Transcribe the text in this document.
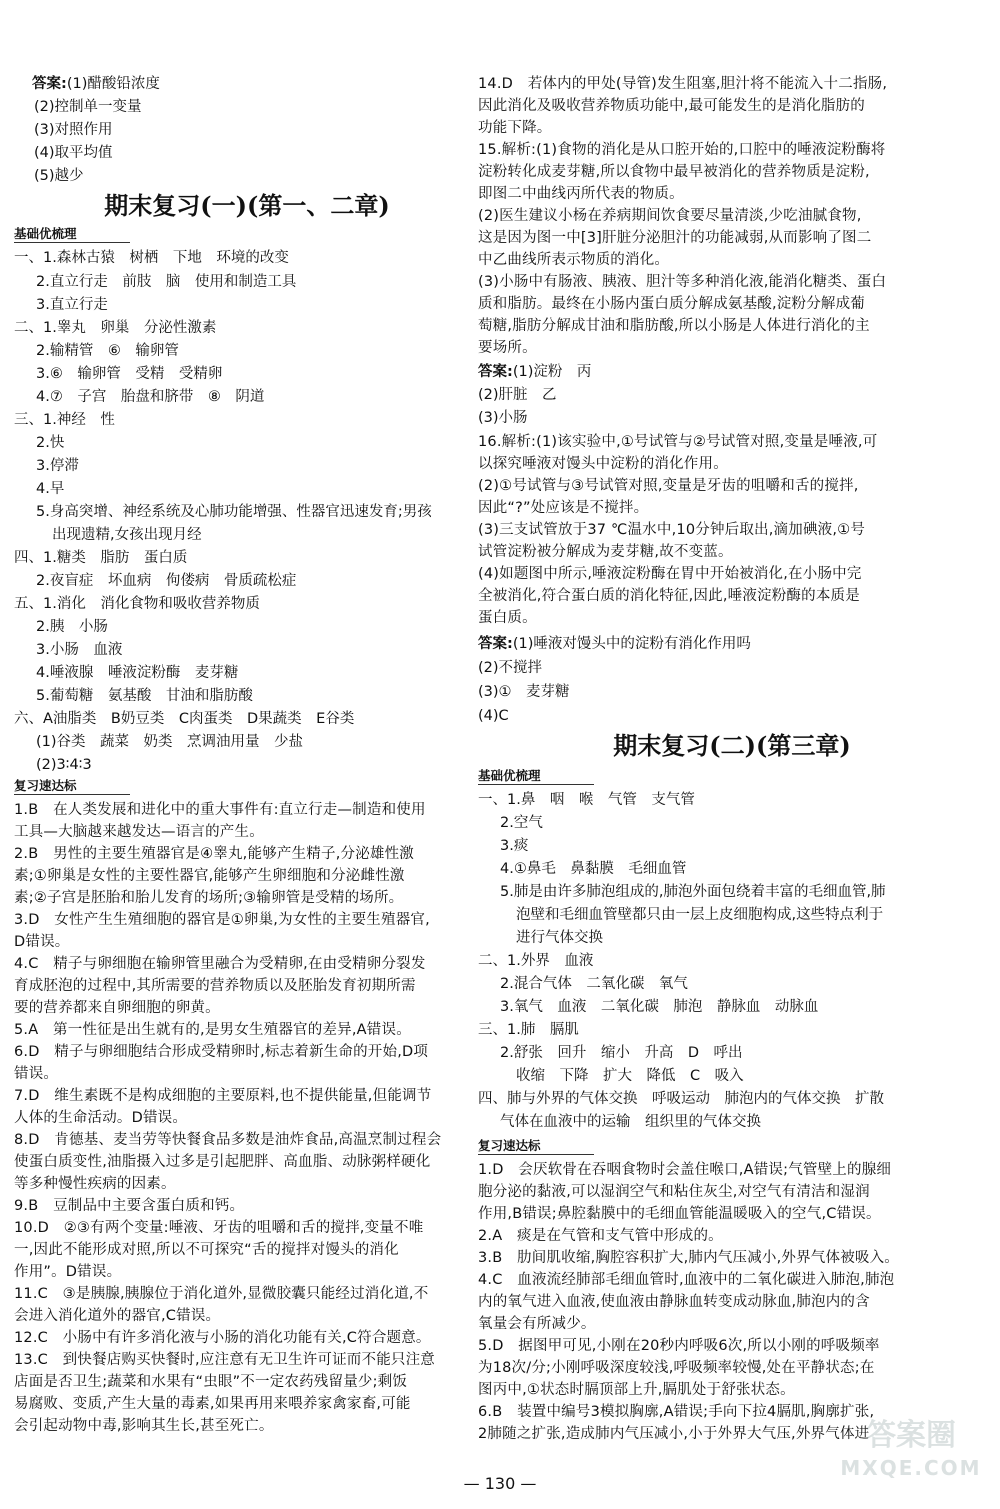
答案:(1)醋酸铅浓度
(2)控制单一变量
(3)对照作用
(4)取平均值
(5)越少
期末复习(一)(第一、二章)
基础优梳理
一、1.森林古猿　树栖　下地　环境的改变
2.直立行走　前肢　脑　使用和制造工具
3.直立行走
二、1.睾丸　卵巢　分泌性激素
2.输精管　⑥　输卵管
3.⑥　输卵管　受精　受精卵
4.⑦　子宫　胎盘和脐带　⑧　阴道
三、1.神经　性
2.快
3.停滞
4.早
5.身高突增、神经系统及心肺功能增强、性器官迅速发育;男孩
出现遗精,女孩出现月经
四、1.糖类　脂肪　蛋白质
2.夜盲症　坏血病　佝偻病　骨质疏松症
五、1.消化　消化食物和吸收营养物质
2.胰　小肠
3.小肠　血液
4.唾液腺　唾液淀粉酶　麦芽糖
5.葡萄糖　氨基酸　甘油和脂肪酸
六、A油脂类　B奶豆类　C肉蛋类　D果蔬类　E谷类
(1)谷类　蔬菜　奶类　烹调油用量　少盐
(2)3∶4∶3
复习速达标
1.B　在人类发展和进化中的重大事件有:直立行走—制造和使用
工具—大脑越来越发达—语言的产生。
2.B　男性的主要生殖器官是④睾丸,能够产生精子,分泌雄性激
素;①卵巢是女性的主要性器官,能够产生卵细胞和分泌雌性激
素;②子宫是胚胎和胎儿发育的场所;③输卵管是受精的场所。
3.D　女性产生生殖细胞的器官是①卵巢,为女性的主要生殖器官,
D错误。
4.C　精子与卵细胞在输卵管里融合为受精卵,在由受精卵分裂发
育成胚泡的过程中,其所需要的营养物质以及胚胎发育初期所需
要的营养都来自卵细胞的卵黄。
5.A　第一性征是出生就有的,是男女生殖器官的差异,A错误。
6.D　精子与卵细胞结合形成受精卵时,标志着新生命的开始,D项
错误。
7.D　维生素既不是构成细胞的主要原料,也不提供能量,但能调节
人体的生命活动。D错误。
8.D　肯德基、麦当劳等快餐食品多数是油炸食品,高温烹制过程会
使蛋白质变性,油脂摄入过多是引起肥胖、高血脂、动脉粥样硬化
等多种慢性疾病的因素。
9.B　豆制品中主要含蛋白质和钙。
10.D　②③有两个变量:唾液、牙齿的咀嚼和舌的搅拌,变量不唯
一,因此不能形成对照,所以不可探究“舌的搅拌对馒头的消化
作用”。D错误。
11.C　③是胰腺,胰腺位于消化道外,显微胶囊只能经过消化道,不
会进入消化道外的器官,C错误。
12.C　小肠中有许多消化液与小肠的消化功能有关,C符合题意。
13.C　到快餐店购买快餐时,应注意有无卫生许可证而不能只注意
店面是否卫生;蔬菜和水果有“虫眼”不一定农药残留量少;剩饭
易腐败、变质,产生大量的毒素,如果再用来喂养家禽家畜,可能
会引起动物中毒,影响其生长,甚至死亡。
14.D　若体内的甲处(导管)发生阻塞,胆汁将不能流入十二指肠,
因此消化及吸收营养物质功能中,最可能发生的是消化脂肪的
功能下降。
15.解析:(1)食物的消化是从口腔开始的,口腔中的唾液淀粉酶将
淀粉转化成麦芽糖,所以食物中最早被消化的营养物质是淀粉,
即图二中曲线丙所代表的物质。
(2)医生建议小杨在养病期间饮食要尽量清淡,少吃油腻食物,
这是因为图一中[3]肝脏分泌胆汁的功能减弱,从而影响了图二
中乙曲线所表示物质的消化。
(3)小肠中有肠液、胰液、胆汁等多种消化液,能消化糖类、蛋白
质和脂肪。最终在小肠内蛋白质分解成氨基酸,淀粉分解成葡
萄糖,脂肪分解成甘油和脂肪酸,所以小肠是人体进行消化的主
要场所。
答案:(1)淀粉　丙
(2)肝脏　乙
(3)小肠
16.解析:(1)该实验中,①号试管与②号试管对照,变量是唾液,可
以探究唾液对馒头中淀粉的消化作用。
(2)①号试管与③号试管对照,变量是牙齿的咀嚼和舌的搅拌,
因此“?”处应该是不搅拌。
(3)三支试管放于37 ℃温水中,10分钟后取出,滴加碘液,①号
试管淀粉被分解成为麦芽糖,故不变蓝。
(4)如题图中所示,唾液淀粉酶在胃中开始被消化,在小肠中完
全被消化,符合蛋白质的消化特征,因此,唾液淀粉酶的本质是
蛋白质。
答案:(1)唾液对馒头中的淀粉有消化作用吗
(2)不搅拌
(3)①　麦芽糖
(4)C
期末复习(二)(第三章)
基础优梳理
一、1.鼻　咽　喉　气管　支气管
2.空气
3.痰
4.①鼻毛　鼻黏膜　毛细血管
5.肺是由许多肺泡组成的,肺泡外面包绕着丰富的毛细血管,肺
泡壁和毛细血管壁都只由一层上皮细胞构成,这些特点利于
进行气体交换
二、1.外界　血液
2.混合气体　二氧化碳　氧气
3.氧气　血液　二氧化碳　肺泡　静脉血　动脉血
三、1.肺　膈肌
2.舒张　回升　缩小　升高　D　呼出
收缩　下降　扩大　降低　C　吸入
四、肺与外界的气体交换　呼吸运动　肺泡内的气体交换　扩散
气体在血液中的运输　组织里的气体交换
复习速达标
1.D　会厌软骨在吞咽食物时会盖住喉口,A错误;气管壁上的腺细
胞分泌的黏液,可以湿润空气和粘住灰尘,对空气有清洁和湿润
作用,B错误;鼻腔黏膜中的毛细血管能温暖吸入的空气,C错误。
2.A　痰是在气管和支气管中形成的。
3.B　肋间肌收缩,胸腔容积扩大,肺内气压减小,外界气体被吸入。
4.C　血液流经肺部毛细血管时,血液中的二氧化碳进入肺泡,肺泡
内的氧气进入血液,使血液由静脉血转变成动脉血,肺泡内的含
氧量会有所减少。
5.D　据图甲可见,小刚在20秒内呼吸6次,所以小刚的呼吸频率
为18次/分;小刚呼吸深度较浅,呼吸频率较慢,处在平静状态;在
图丙中,①状态时膈顶部上升,膈肌处于舒张状态。
6.B　装置中编号3模拟胸廓,A错误;手向下拉4膈肌,胸廓扩张,
2肺随之扩张,造成肺内气压减小,小于外界大气压,外界气体进
— 130 —
答案圈
MXQE.COM
